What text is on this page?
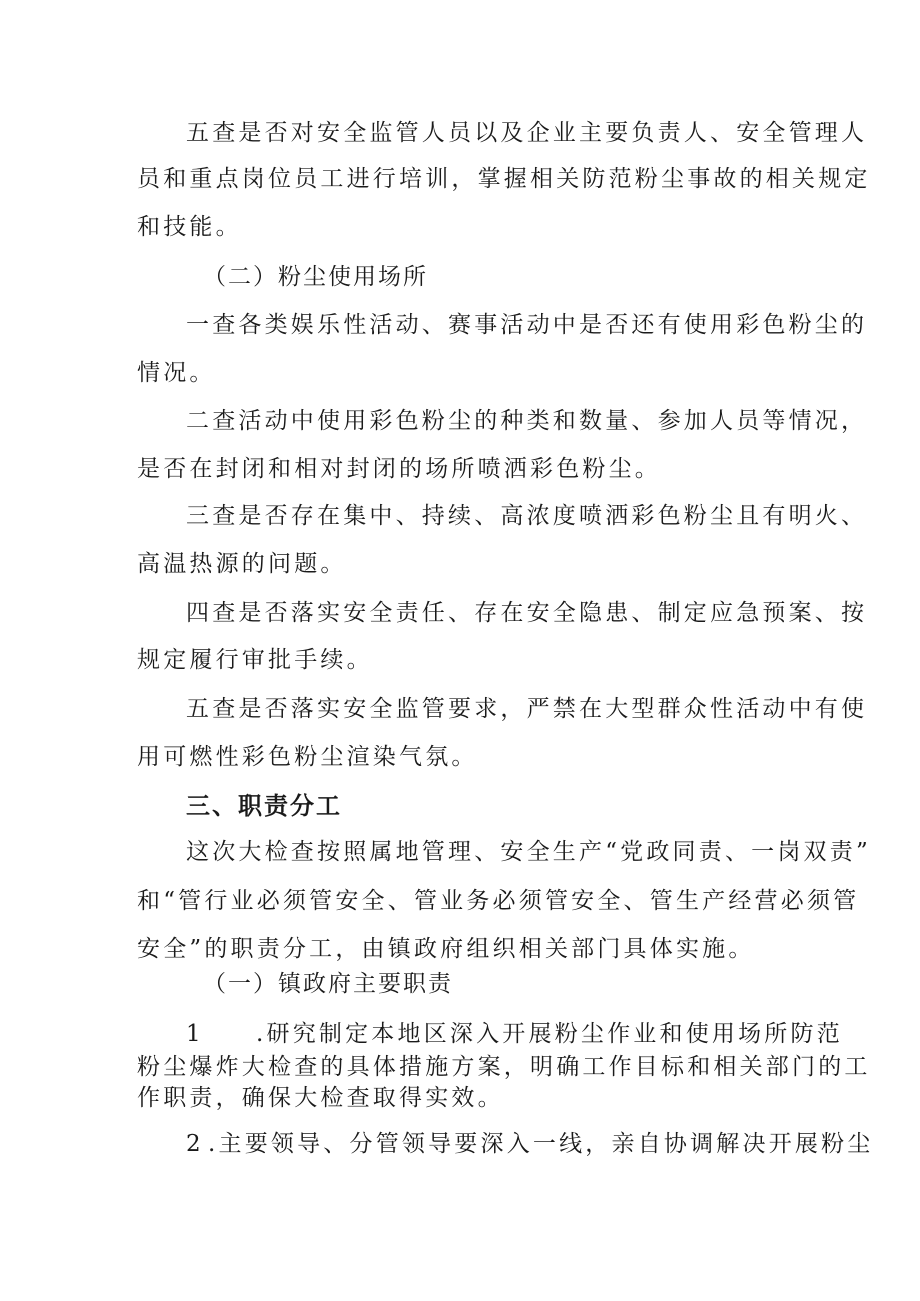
五查是否对安全监管人员以及企业主要负责人、安全管理人
员和重点岗位员工进行培训，掌握相关防范粉尘事故的相关规定
和技能。
（二）粉尘使用场所
一查各类娱乐性活动、赛事活动中是否还有使用彩色粉尘的
情况。
二查活动中使用彩色粉尘的种类和数量、参加人员等情况，
是否在封闭和相对封闭的场所喷洒彩色粉尘。
三查是否存在集中、持续、高浓度喷洒彩色粉尘且有明火、
高温热源的问题。
四查是否落实安全责任、存在安全隐患、制定应急预案、按
规定履行审批手续。
五查是否落实安全监管要求，严禁在大型群众性活动中有使
用可燃性彩色粉尘渲染气氛。
三、职责分工
这次大检查按照属地管理、安全生产“党政同责、一岗双责”
和“管行业必须管安全、管业务必须管安全、管生产经营必须管
安全”的职责分工，由镇政府组织相关部门具体实施。
（一）镇政府主要职责
1 .研究制定本地区深入开展粉尘作业和使用场所防范
粉尘爆炸大检查的具体措施方案，明确工作目标和相关部门的工
作职责，确保大检查取得实效。
2 .主要领导、分管领导要深入一线，亲自协调解决开展粉尘
